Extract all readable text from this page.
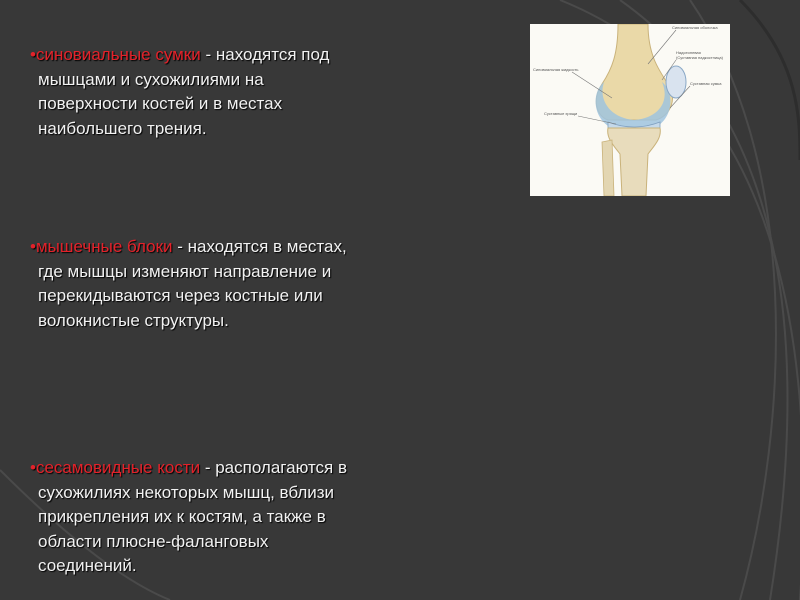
•синовиальные сумки - находятся под
мышцами и сухожилиями на
поверхности костей и в местах
наибольшего трения.
•мышечные блоки - находятся в местах,
где мышцы изменяют направление и
перекидываются через костные или
волокнистые структуры.
•сесамовидные кости - располагаются в
сухожилиях некоторых мышц, вблизи
прикрепления их к костям, а также в
области плюсне-фаланговых
соединений.
Синовиальная оболочка
Надсеоневая
(Суставная надкостница)
Суставная сумка
Синовиальная жидкость
Суставные хрящи
